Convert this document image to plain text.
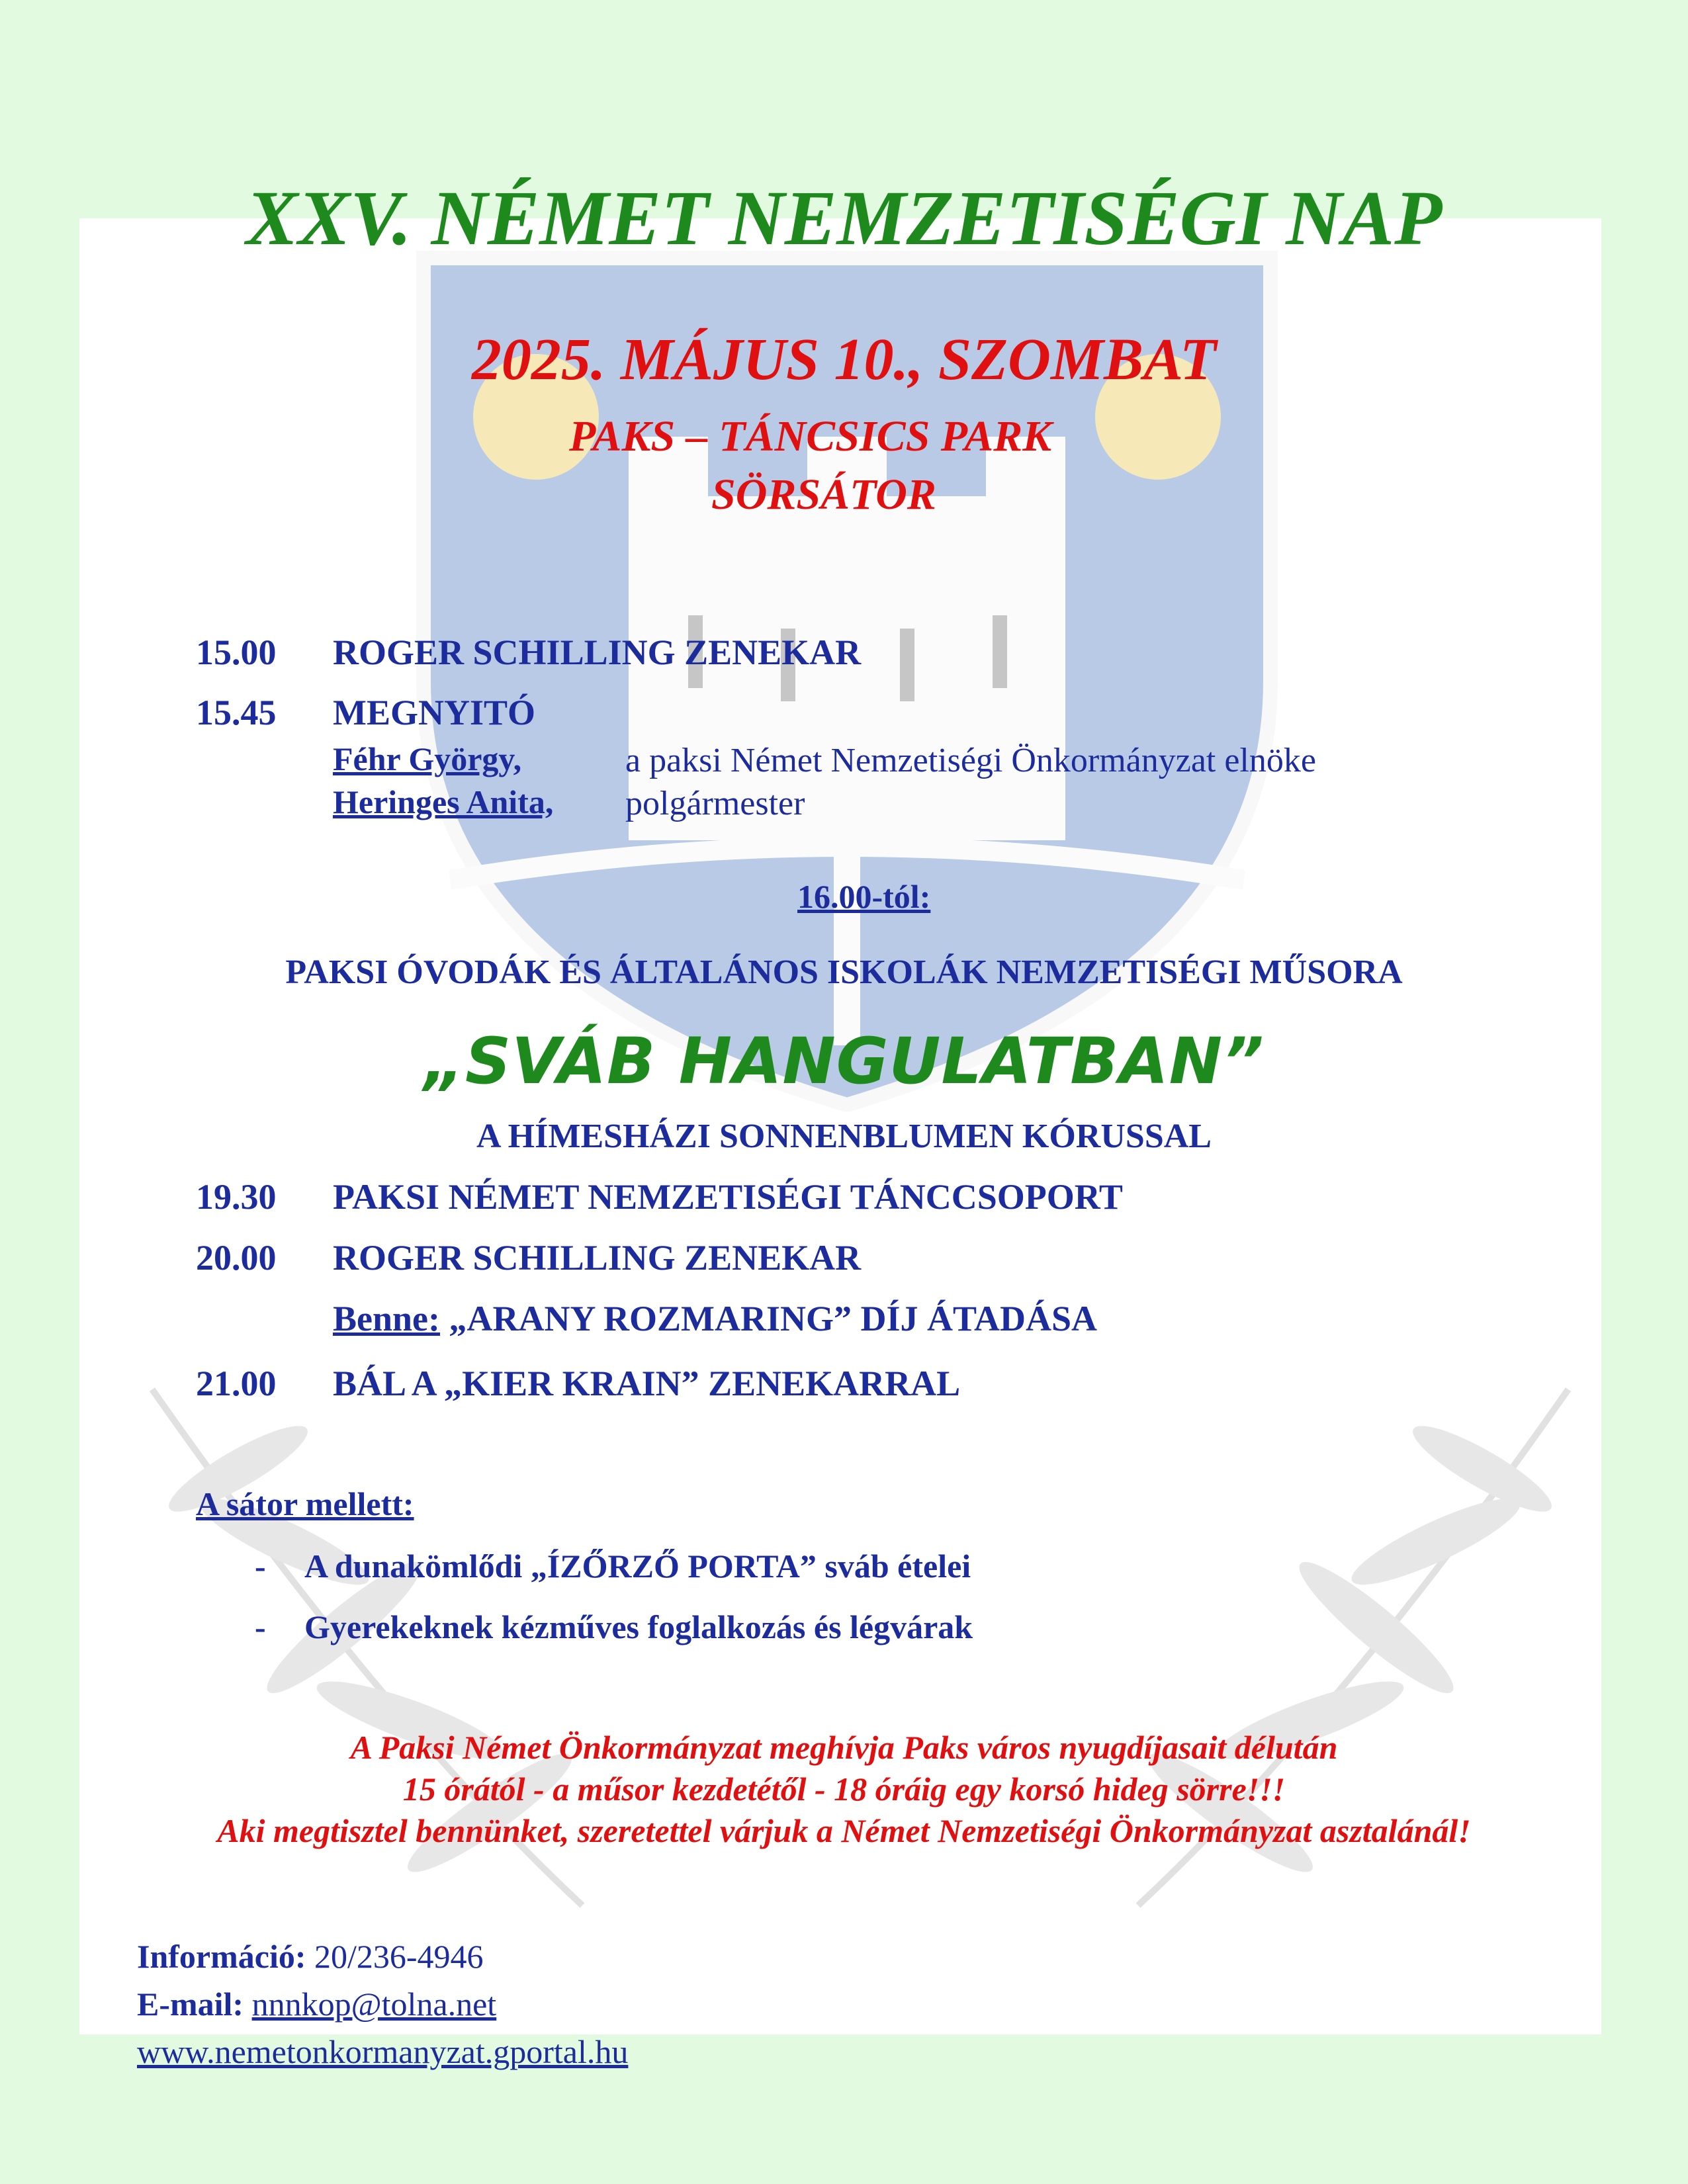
XXV. NÉMET NEMZETISÉGI NAP
2025. MÁJUS 10., SZOMBAT
PAKS – TÁNCSICS PARK
SÖRSÁTOR
15.00 ROGER SCHILLING ZENEKAR
15.45 MEGNYITÓ
Féhr György,	a paksi Német Nemzetiségi Önkormányzat elnöke
Heringes Anita, polgármester
16.00-tól:
PAKSI ÓVODÁK ÉS ÁLTALÁNOS ISKOLÁK NEMZETISÉGI MŰSORA
„SVÁB HANGULATBAN”
A HÍMESHÁZI SONNENBLUMEN KÓRUSSAL
19.30 PAKSI NÉMET NEMZETISÉGI TÁNCCSOPORT
20.00 ROGER SCHILLING ZENEKAR
Benne: „ARANY ROZMARING” DÍJ ÁTADÁSA
21.00 BÁL A „KIER KRAIN” ZENEKARRAL
A sátor mellett:
- A dunakömlődi „ÍZŐRZŐ PORTA” sváb ételei
- Gyerekeknek kézműves foglalkozás és légvárak
A Paksi Német Önkormányzat meghívja Paks város nyugdíjasait délután
15 órától - a műsor kezdetétől - 18 óráig egy korsó hideg sörre!!!
Aki megtisztel bennünket, szeretettel várjuk a Német Nemzetiségi Önkormányzat asztalánál!
Információ: 20/236-4946
E-mail: nnnkop@tolna.net
www.nemetonkormanyzat.gportal.hu
